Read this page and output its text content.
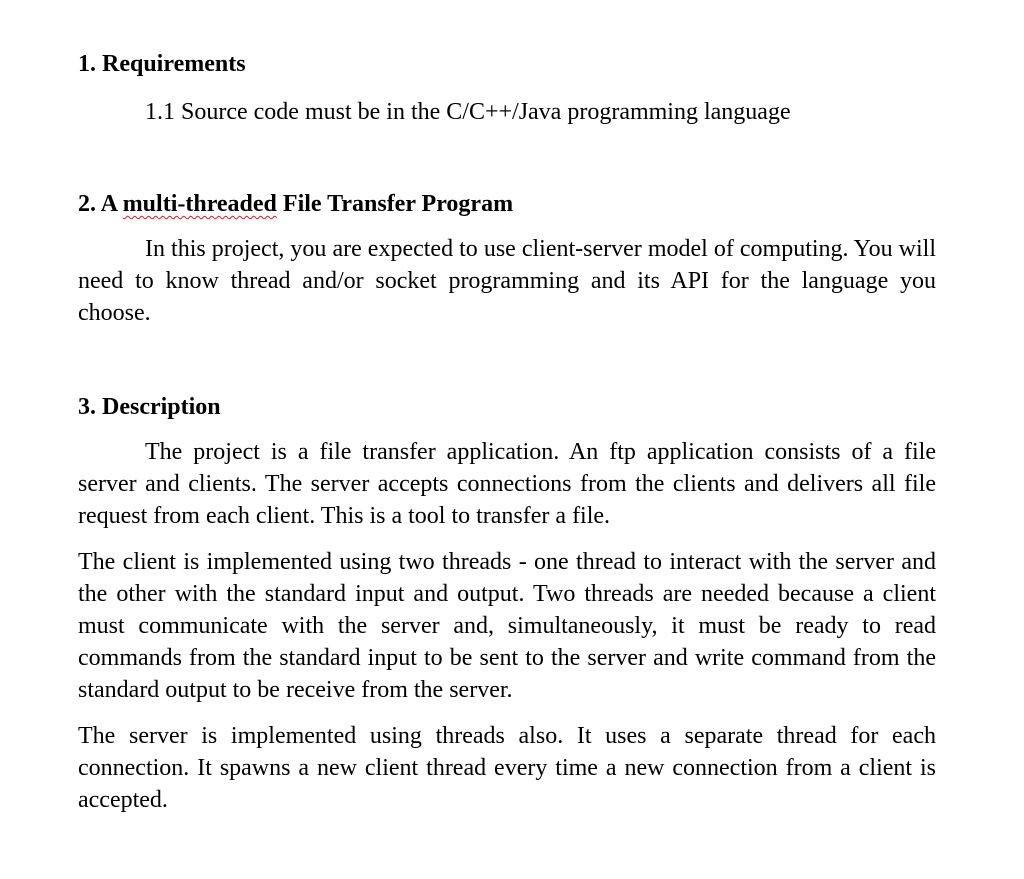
1. Requirements

1.1 Source code must be in the C/C++/Java programming language

2. A multi-threaded File Transfer Program

In this project, you are expected to use client-server model of computing. You will need to know thread and/or socket programming and its API for the language you choose.

3. Description

The project is a file transfer application. An ftp application consists of a file server and clients. The server accepts connections from the clients and delivers all file request from each client. This is a tool to transfer a file.

The client is implemented using two threads - one thread to interact with the server and the other with the standard input and output. Two threads are needed because a client must communicate with the server and, simultaneously, it must be ready to read commands from the standard input to be sent to the server and write command from the standard output to be receive from the server.

The server is implemented using threads also. It uses a separate thread for each connection. It spawns a new client thread every time a new connection from a client is accepted.
